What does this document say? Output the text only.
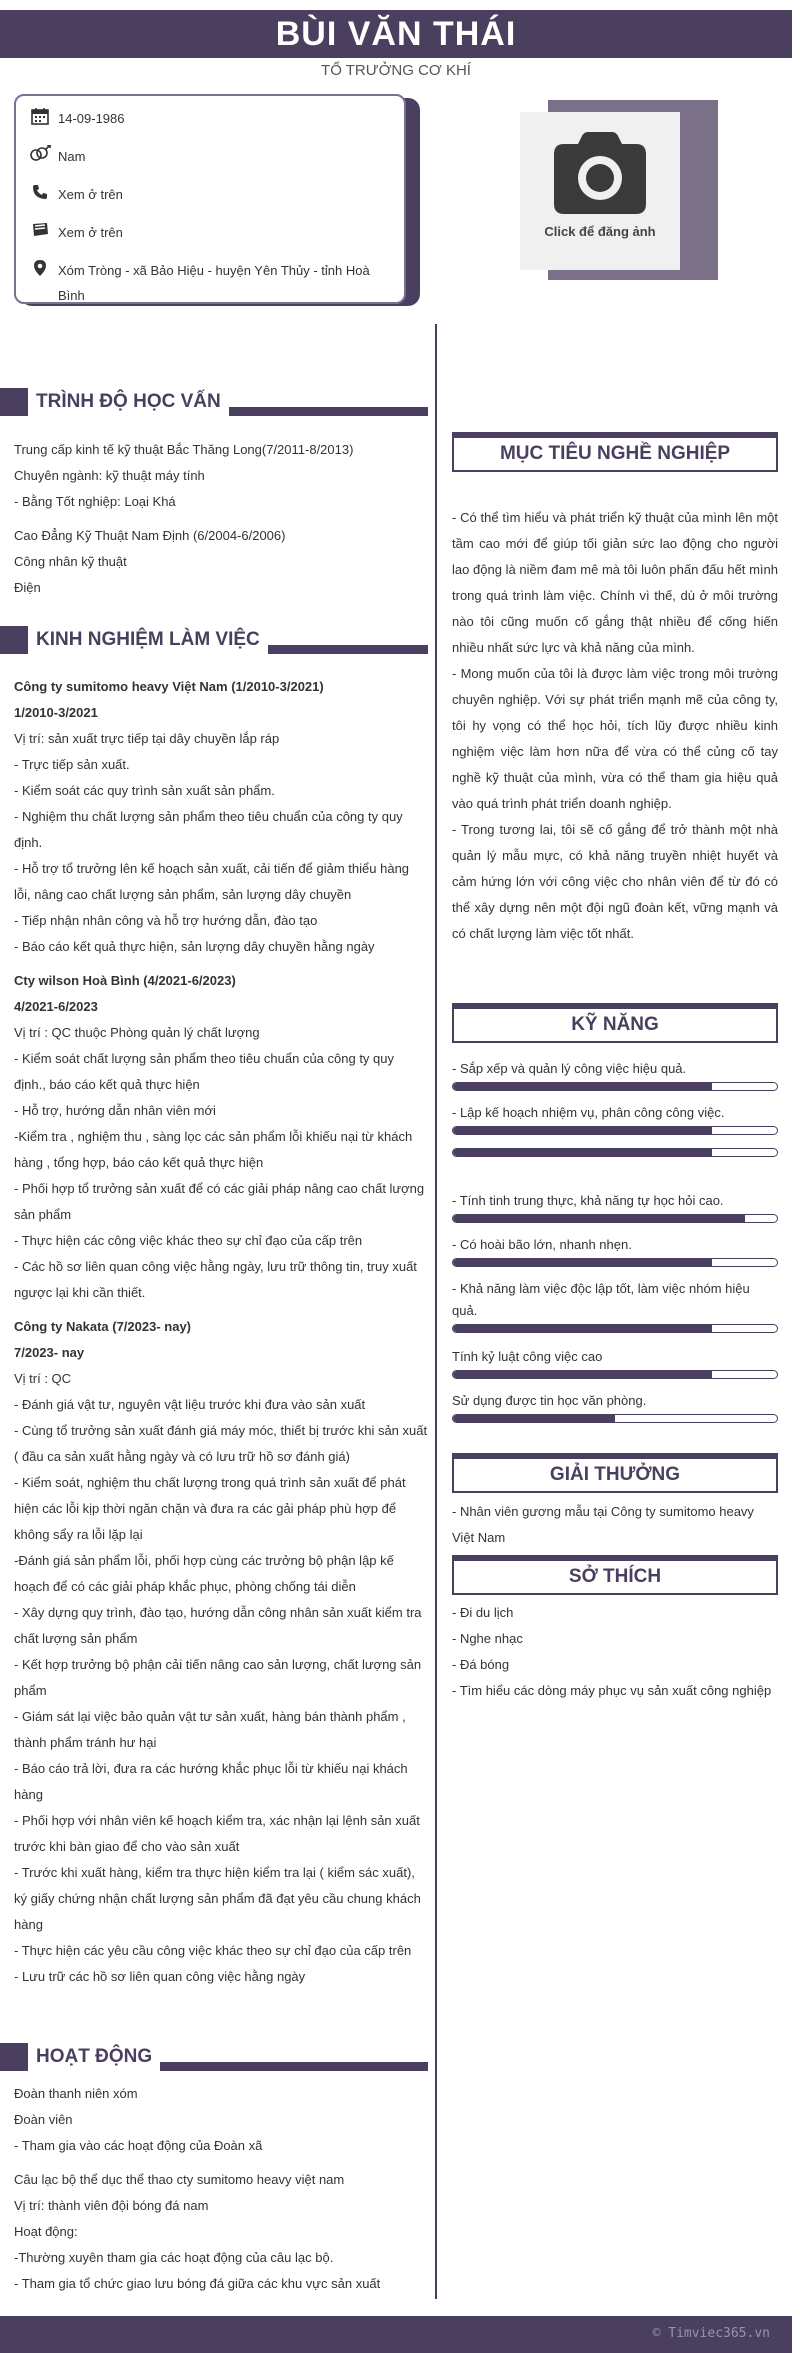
BÙI VĂN THÁI
TỔ TRƯỞNG CƠ KHÍ
14-09-1986
Nam
Xem ở trên
Xem ở trên
Xóm Tròng - xã Bảo Hiệu - huyện Yên Thủy - tỉnh Hoà Bình
Click để đăng ảnh
TRÌNH ĐỘ HỌC VẤN
Trung cấp kinh tế kỹ thuật Bắc Thăng Long(7/2011-8/2013)
Chuyên ngành: kỹ thuật máy tính
- Bằng Tốt nghiệp: Loại Khá
Cao Đẳng Kỹ Thuật Nam Định (6/2004-6/2006)
Công nhân kỹ thuật
Điện
KINH NGHIỆM LÀM VIỆC
Công ty sumitomo heavy Việt Nam (1/2010-3/2021)
1/2010-3/2021
Vị trí: sản xuất trực tiếp tại dây chuyền lắp ráp
- Trực tiếp sản xuất.
- Kiểm soát các quy trình sản xuất sản phẩm.
- Nghiệm thu chất lượng sản phẩm theo tiêu chuẩn của công ty quy định.
- Hỗ trợ tổ trưởng lên kế hoạch sản xuất, cải tiến để giảm thiểu hàng lỗi, nâng cao chất lượng sản phẩm, sản lượng dây chuyền
- Tiếp nhận nhân công và hỗ trợ hướng dẫn, đào tạo
- Báo cáo kết quả thực hiện, sản lượng dây chuyền hằng ngày
Cty wilson Hoà Bình (4/2021-6/2023)
4/2021-6/2023
Vị trí : QC thuộc Phòng quản lý chất lượng
- Kiểm soát chất lượng sản phẩm theo tiêu chuẩn của công ty quy định., báo cáo kết quả thực hiện
- Hỗ trợ, hướng dẫn nhân viên mới
-Kiểm tra , nghiệm thu , sàng lọc các sản phẩm lỗi khiếu nại từ khách hàng , tổng hợp, báo cáo kết quả thực hiện
- Phối hợp tổ trưởng sản xuất để có các giải pháp nâng cao chất lượng sản phẩm
- Thực hiện các công việc khác theo sự chỉ đạo của cấp trên
- Các hồ sơ liên quan công việc hằng ngày, lưu trữ thông tin, truy xuất ngược lại khi cần thiết.
Công ty Nakata (7/2023- nay)
7/2023- nay
Vị trí : QC
- Đánh giá vật tư, nguyên vật liệu trước khi đưa vào sản xuất
- Cùng tổ trưởng sản xuất đánh giá máy móc, thiết bị trước khi sản xuất ( đầu ca sản xuất hằng ngày và có lưu trữ hồ sơ đánh giá)
- Kiểm soát, nghiệm thu chất lượng trong quá trình sản xuất để phát hiện các lỗi kịp thời ngăn chặn và đưa ra các gải pháp phù hợp để không sẩy ra lỗi lặp lại
-Đánh giá sản phẩm lỗi, phối hợp cùng các trưởng bộ phận lập kế hoạch để có các giải pháp khắc phục, phòng chống tái diễn
- Xây dựng quy trình, đào tạo, hướng dẫn công nhân sản xuất kiểm tra chất lượng sản phẩm
- Kết hợp trưởng bộ phận cải tiến nâng cao sản lượng, chất lượng sản phẩm
- Giám sát lại việc bảo quản vật tư sản xuất, hàng bán thành phẩm , thành phẩm tránh hư hại
- Báo cáo trả lời, đưa ra các hướng khắc phục lỗi từ khiếu nại khách hàng
- Phối hợp với nhân viên kế hoạch kiểm tra, xác nhận lại lệnh sản xuất trước khi bàn giao để cho vào sản xuất
- Trước khi xuất hàng, kiểm tra thực hiện kiểm tra lại ( kiểm sác xuất), ký giấy chứng nhận chất lượng sản phẩm đã đạt yêu cầu chung khách hàng
- Thực hiện các yêu cầu công việc khác theo sự chỉ đạo của cấp trên
- Lưu trữ các hồ sơ liên quan công việc hằng ngày
HOẠT ĐỘNG
Đoàn thanh niên xóm
Đoàn viên
- Tham gia vào các hoạt động của Đoàn xã
Câu lạc bộ thể dục thể thao cty sumitomo heavy việt nam
Vị trí: thành viên đội bóng đá nam
Hoạt động:
-Thường xuyên tham gia các hoạt động của câu lạc bộ.
- Tham gia tổ chức giao lưu bóng đá giữa các khu vực sản xuất
MỤC TIÊU NGHỀ NGHIỆP
- Có thể tìm hiểu và phát triển kỹ thuật của mình lên một tầm cao mới để giúp tối giản sức lao động cho người lao động là niềm đam mê mà tôi luôn phấn đấu hết mình trong quá trình làm việc. Chính vì thế, dù ở môi trường nào tôi cũng muốn cố gắng thật nhiều để cống hiến nhiều nhất sức lực và khả năng của mình.
- Mong muốn của tôi là được làm việc trong môi trường chuyên nghiệp. Với sự phát triển mạnh mẽ của công ty, tôi hy vọng có thể học hỏi, tích lũy được nhiều kinh nghiệm việc làm hơn nữa để vừa có thể củng cố tay nghề kỹ thuật của mình, vừa có thể tham gia hiệu quả vào quá trình phát triển doanh nghiệp.
- Trong tương lai, tôi sẽ cố gắng để trở thành một nhà quản lý mẫu mực, có khả năng truyền nhiệt huyết và cảm hứng lớn với công việc cho nhân viên để từ đó có thể xây dựng nên một đội ngũ đoàn kết, vững mạnh và có chất lượng làm việc tốt nhất.
KỸ NĂNG
- Sắp xếp và quản lý công việc hiệu quả.
- Lập kế hoạch nhiệm vụ, phân công công việc.
- Tính tinh trung thực, khả năng tự học hỏi cao.
- Có hoài bão lớn, nhanh nhẹn.
- Khả năng làm việc độc lập tốt, làm việc nhóm hiệu quả.
Tính kỷ luật công việc cao
Sử dụng được tin học văn phòng.
GIẢI THƯỞNG
- Nhân viên gương mẫu tại Công ty sumitomo heavy Việt Nam
SỞ THÍCH
- Đi du lịch
- Nghe nhạc
- Đá bóng
- Tìm hiểu các dòng máy phục vụ sản xuất công nghiệp
© Timviec365.vn
